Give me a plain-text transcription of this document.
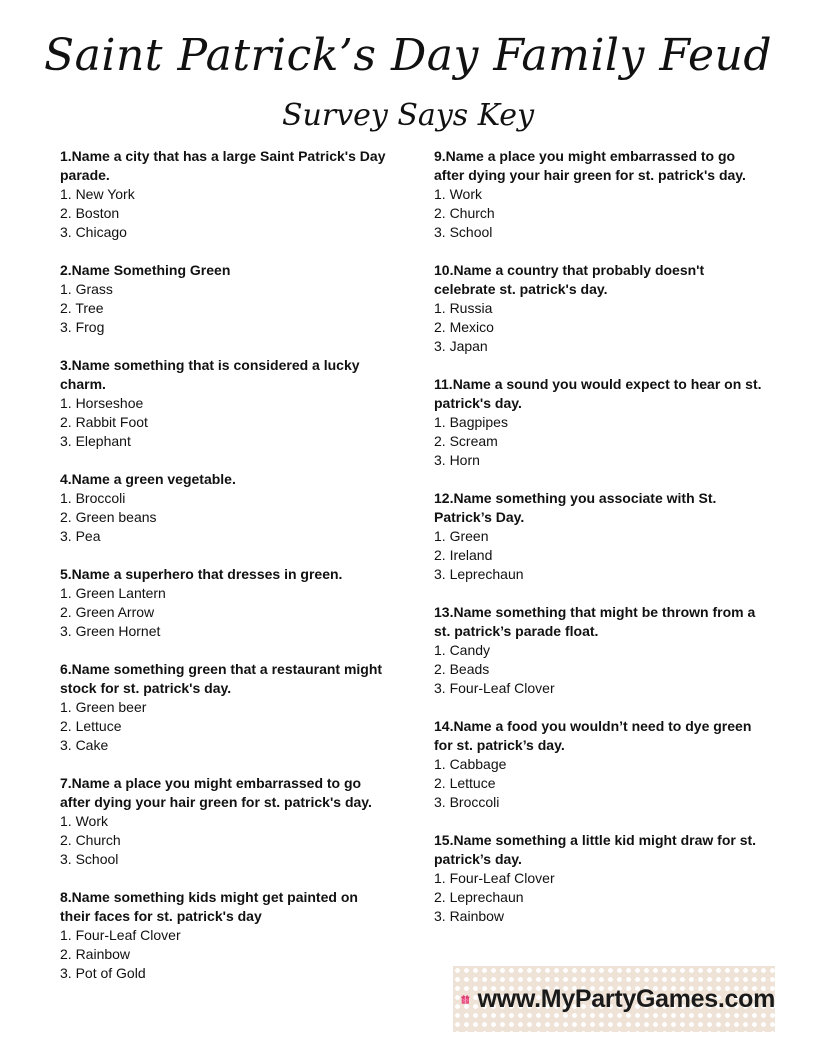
Saint Patrick’s Day Family Feud
Survey Says Key

1.Name a city that has a large Saint Patrick's Day parade.

1. New York

2. Boston

3. Chicago

2.Name Something Green

1. Grass

2. Tree

3. Frog

3.Name something that is considered a lucky charm.

1. Horseshoe

2. Rabbit Foot

3. Elephant

4.Name a green vegetable.

1. Broccoli

2. Green beans

3. Pea

5.Name a superhero that dresses in green.

1. Green Lantern

2. Green Arrow

3. Green Hornet

6.Name something green that a restaurant might stock for st. patrick's day.

1. Green beer

2. Lettuce

3. Cake

7.Name a place you might embarrassed to go after dying your hair green for st. patrick's day.

1. Work

2. Church

3. School

8.Name something kids might get painted on their faces for st. patrick's day

1. Four-Leaf Clover

2. Rainbow

3. Pot of Gold

9.Name a place you might embarrassed to go after dying your hair green for st. patrick's day.

1. Work

2. Church

3. School

10.Name a country that probably doesn't celebrate st. patrick's day.

1. Russia

2. Mexico

3. Japan

11.Name a sound you would expect to hear on st. patrick's day.

1. Bagpipes

2. Scream

3. Horn

12.Name something you associate with St. Patrick’s Day.

1. Green

2. Ireland

3. Leprechaun

13.Name something that might be thrown from a st. patrick’s parade float.

1. Candy

2. Beads

3. Four-Leaf Clover

14.Name a food you wouldn’t need to dye green for st. patrick’s day.

1. Cabbage

2. Lettuce

3. Broccoli

15.Name something a little kid might draw for st. patrick’s day.

1. Four-Leaf Clover

2. Leprechaun

3. Rainbow

www.MyPartyGames.com
